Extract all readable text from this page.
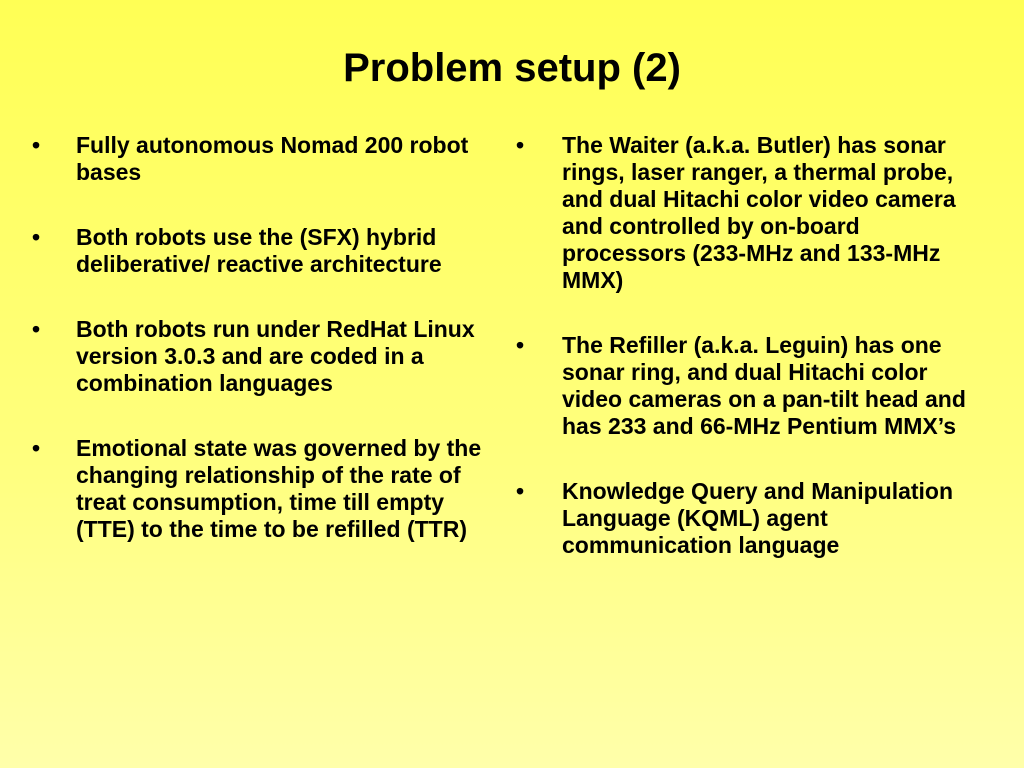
Problem setup (2)
• Fully autonomous Nomad 200 robot bases
• Both robots use the (SFX) hybrid deliberative/ reactive architecture
• Both robots run under RedHat Linux version 3.0.3 and are coded in a combination languages
• Emotional state was governed by the changing relationship of the rate of treat consumption, time till empty (TTE) to the time to be refilled (TTR)
• The Waiter (a.k.a. Butler) has sonar rings, laser ranger, a thermal probe, and dual Hitachi color video camera and controlled by on-board processors (233-MHz and 133-MHz MMX)
• The Refiller (a.k.a. Leguin) has one sonar ring, and dual Hitachi color video cameras on a pan-tilt head and has 233 and 66-MHz Pentium MMX’s
• Knowledge Query and Manipulation Language (KQML) agent communication language
